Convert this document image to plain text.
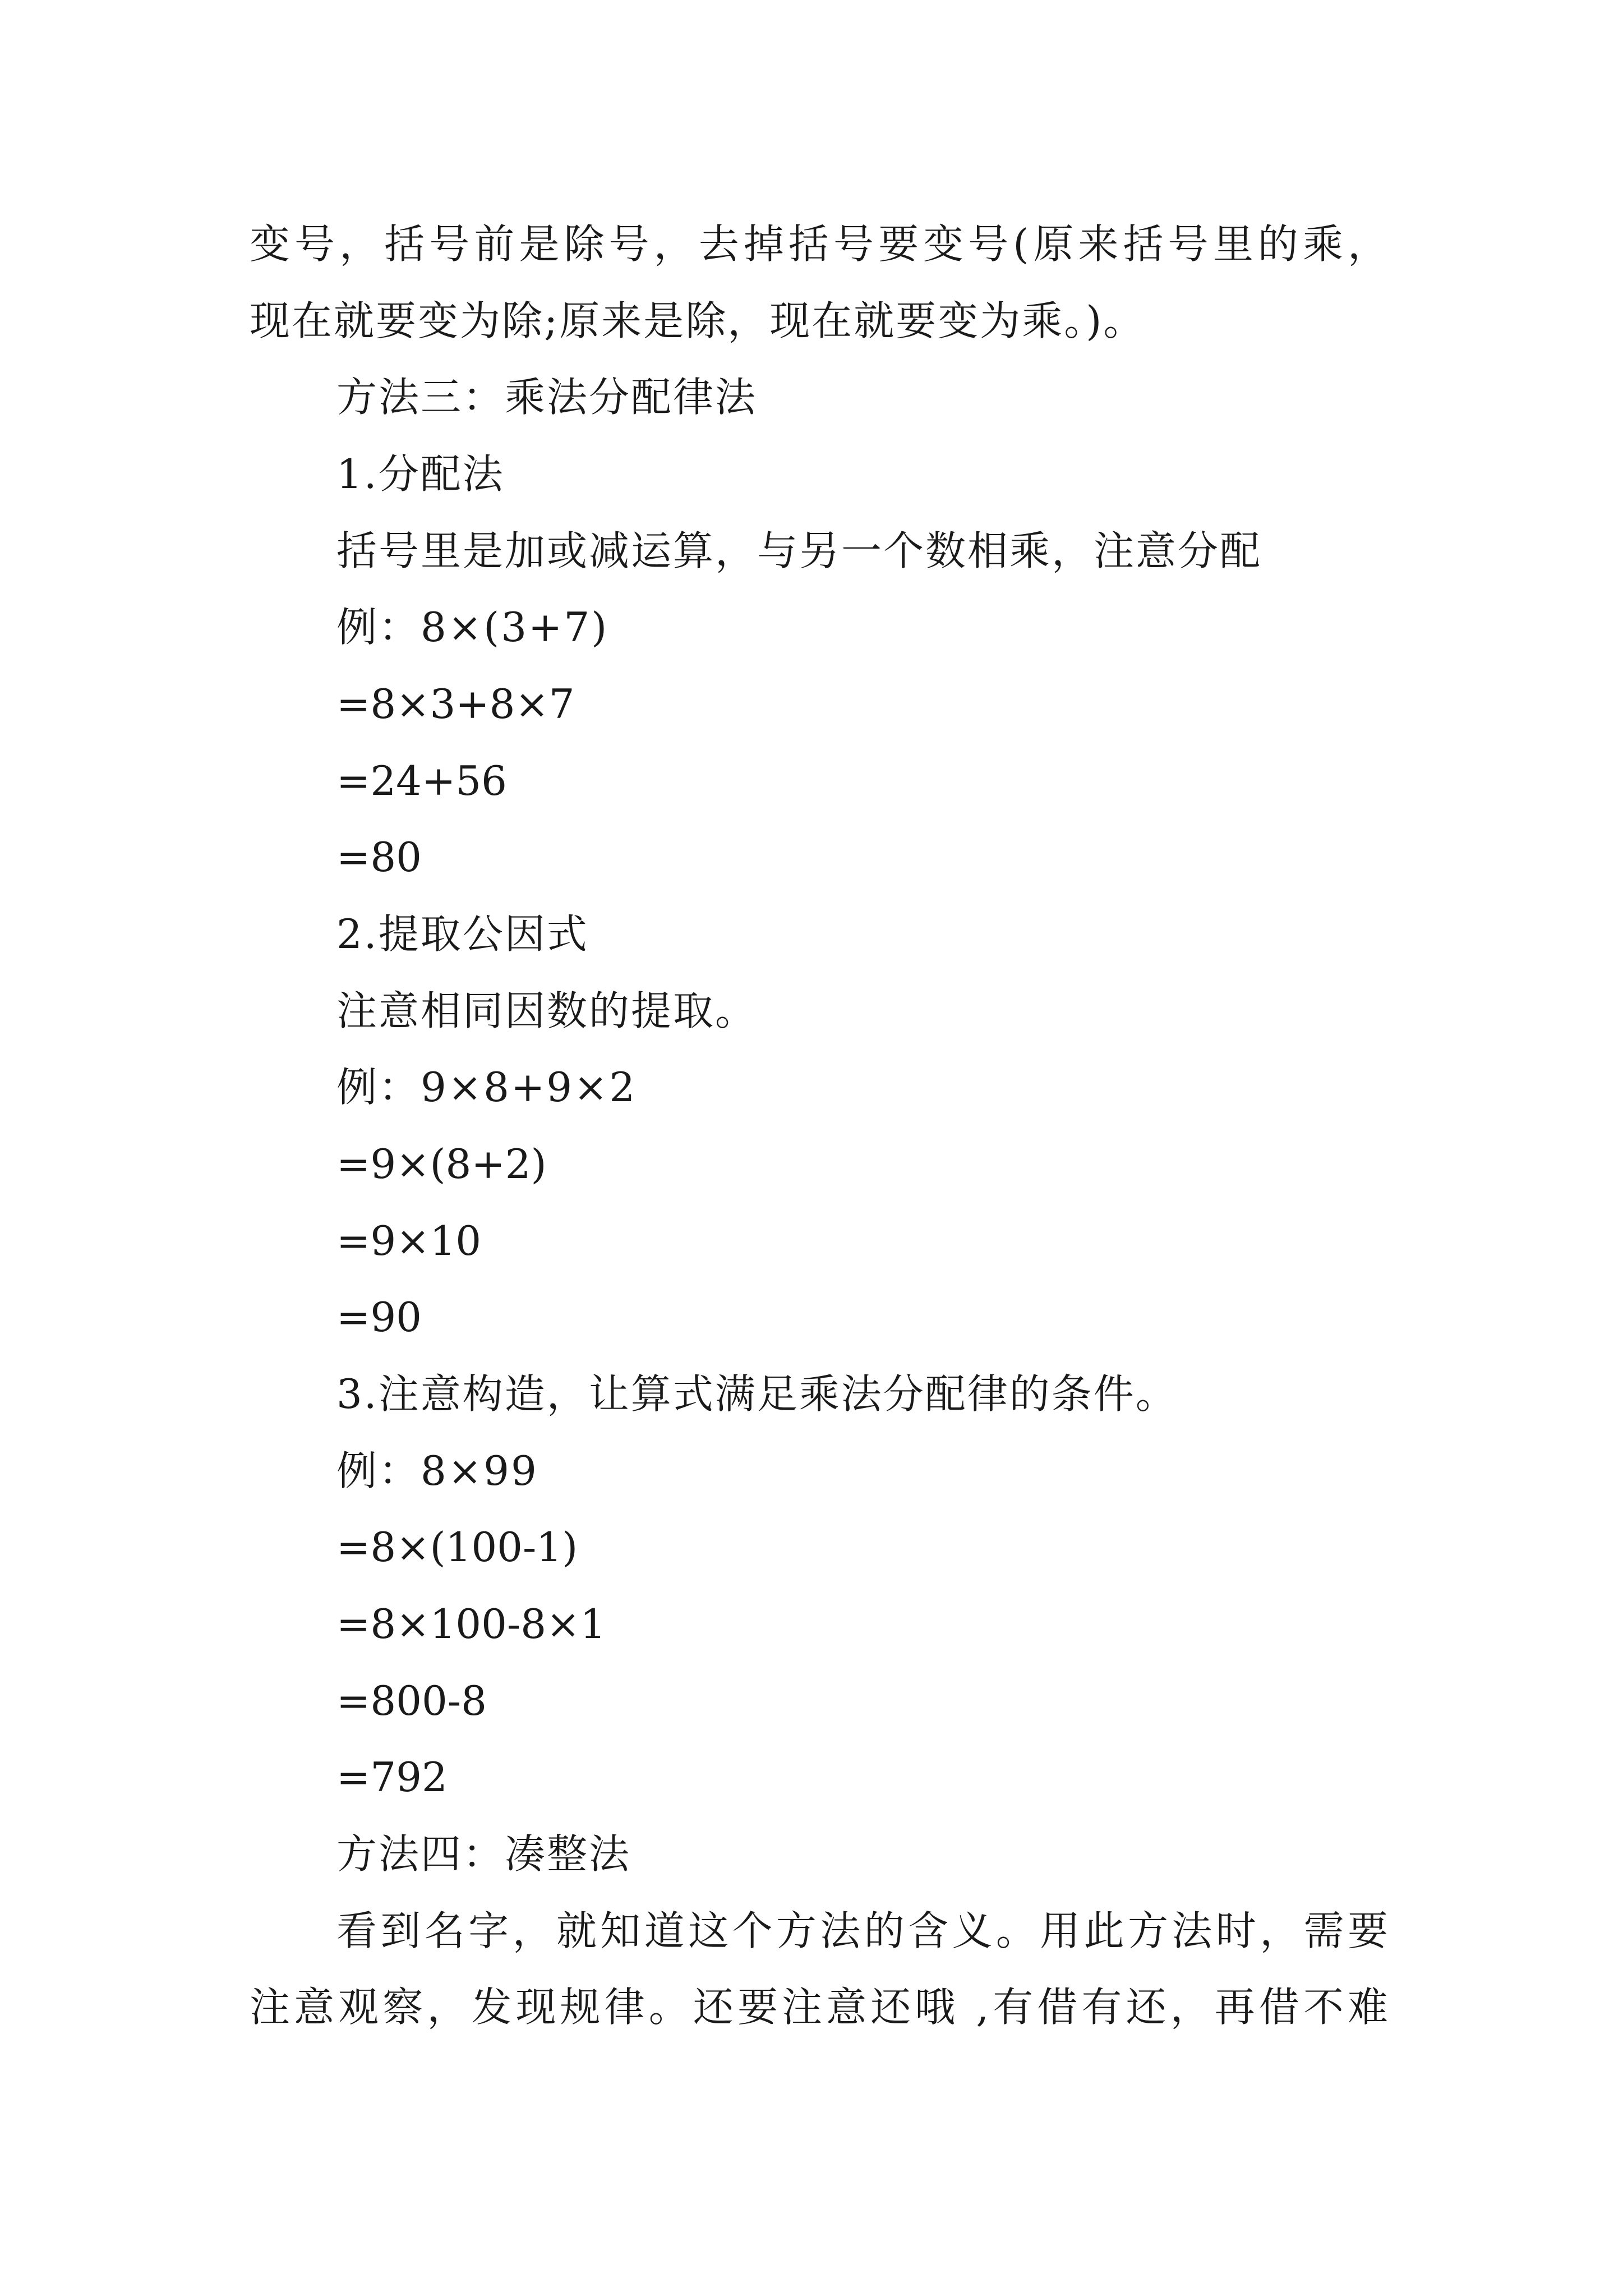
变号，括号前是除号，去掉括号要变号(原来括号里的乘，
现在就要变为除;原来是除，现在就要变为乘。)。
方法三：乘法分配律法
1.分配法
括号里是加或减运算，与另一个数相乘，注意分配
例：8×(3+7)
=8×3+8×7
=24+56
=80
2.提取公因式
注意相同因数的提取。
例：9×8+9×2
=9×(8+2)
=9×10
=90
3.注意构造，让算式满足乘法分配律的条件。
例：8×99
=8×(100-1)
=8×100-8×1
=800-8
=792
方法四：凑整法
看到名字，就知道这个方法的含义。用此方法时，需要
注意观察，发现规律。还要注意还哦 ,有借有还，再借不难
